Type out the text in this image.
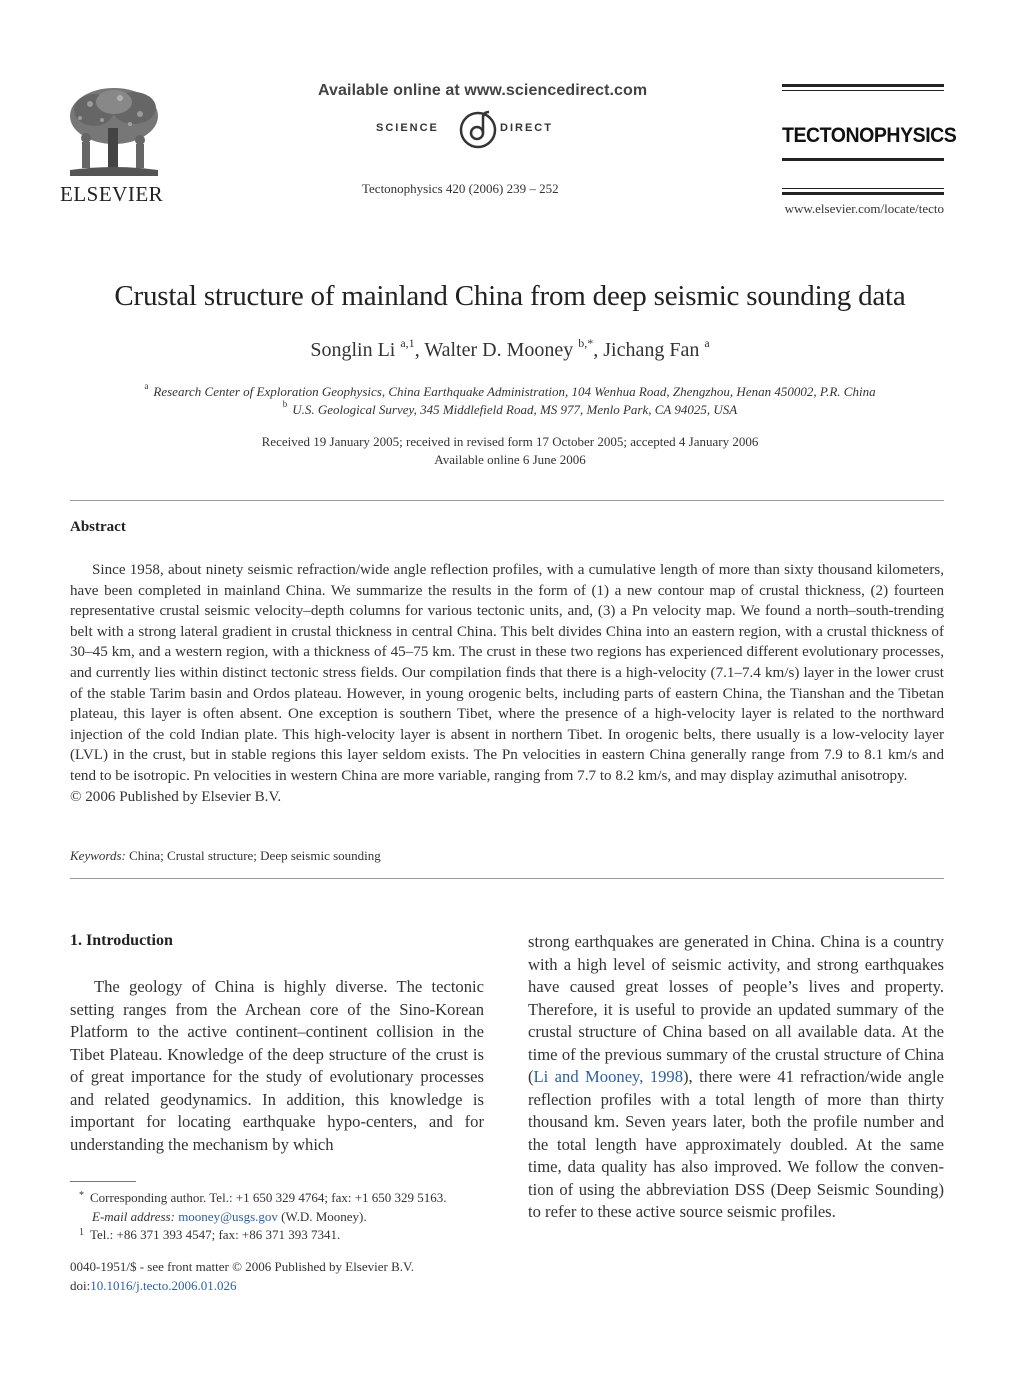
ELSEVIER
Available online at www.sciencedirect.com
SCIENCE	DIRECT
Tectonophysics 420 (2006) 239 – 252
TECTONOPHYSICS
www.elsevier.com/locate/tecto
Crustal structure of mainland China from deep seismic sounding data
Songlin Li $^{a,1}$, Walter D. Mooney $^{b,*}$, Jichang Fan $^a$
$^a$ Research Center of Exploration Geophysics, China Earthquake Administration, 104 Wenhua Road, Zhengzhou, Henan 450002, P.R. China
$^b$ U.S. Geological Survey, 345 Middlefield Road, MS 977, Menlo Park, CA 94025, USA
Received 19 January 2005; received in revised form 17 October 2005; accepted 4 January 2006
Available online 6 June 2006
Abstract
Since 1958, about ninety seismic refraction/wide angle reflection profiles, with a cumulative length of more than sixty thousand kilometers, have been completed in mainland China. We summarize the results in the form of (1) a new contour map of crustal thickness, (2) fourteen representative crustal seismic velocity–depth columns for various tectonic units, and, (3) a Pn velocity map. We found a north–south-trending belt with a strong lateral gradient in crustal thickness in central China. This belt divides China into an eastern region, with a crustal thickness of 30–45 km, and a western region, with a thickness of 45–75 km. The crust in these two regions has experienced different evolutionary processes, and currently lies within distinct tectonic stress fields. Our compilation finds that there is a high-velocity (7.1–7.4 km/s) layer in the lower crust of the stable Tarim basin and Ordos plateau. However, in young orogenic belts, including parts of eastern China, the Tianshan and the Tibetan plateau, this layer is often absent. One exception is southern Tibet, where the presence of a high-velocity layer is related to the northward injection of the cold Indian plate. This high-velocity layer is absent in northern Tibet. In orogenic belts, there usually is a low-velocity layer (LVL) in the crust, but in stable regions this layer seldom exists. The Pn velocities in eastern China generally range from 7.9 to 8.1 km/s and tend to be isotropic. Pn velocities in western China are more variable, ranging from 7.7 to 8.2 km/s, and may display azimuthal anisotropy.
© 2006 Published by Elsevier B.V.
Keywords: China; Crustal structure; Deep seismic sounding
1. Introduction
The geology of China is highly diverse. The tectonic setting ranges from the Archean core of the Sino-Korean Platform to the active continent–continent collision in the Tibet Plateau. Knowledge of the deep structure of the crust is of great importance for the study of evolutionary processes and related geodynamics. In addition, this knowledge is important for locating earthquake hypo-centers, and for understanding the mechanism by which
strong earthquakes are generated in China. China is a country with a high level of seismic activity, and strong earthquakes have caused great losses of people’s lives and property. Therefore, it is useful to provide an updated summary of the crustal structure of China based on all available data. At the time of the previous summary of the crustal structure of China (Li and Mooney, 1998), there were 41 refraction/wide angle reflection profiles with a total length of more than thirty thousand km. Seven years later, both the profile number and the total length have approximately doubled. At the same time, data quality has also improved. We follow the conven-tion of using the abbreviation DSS (Deep Seismic Sounding) to refer to these active source seismic profiles.
* Corresponding author. Tel.: +1 650 329 4764; fax: +1 650 329 5163.
E-mail address: mooney@usgs.gov (W.D. Mooney).
1 Tel.: +86 371 393 4547; fax: +86 371 393 7341.
0040-1951/$ - see front matter © 2006 Published by Elsevier B.V.
doi:10.1016/j.tecto.2006.01.026
